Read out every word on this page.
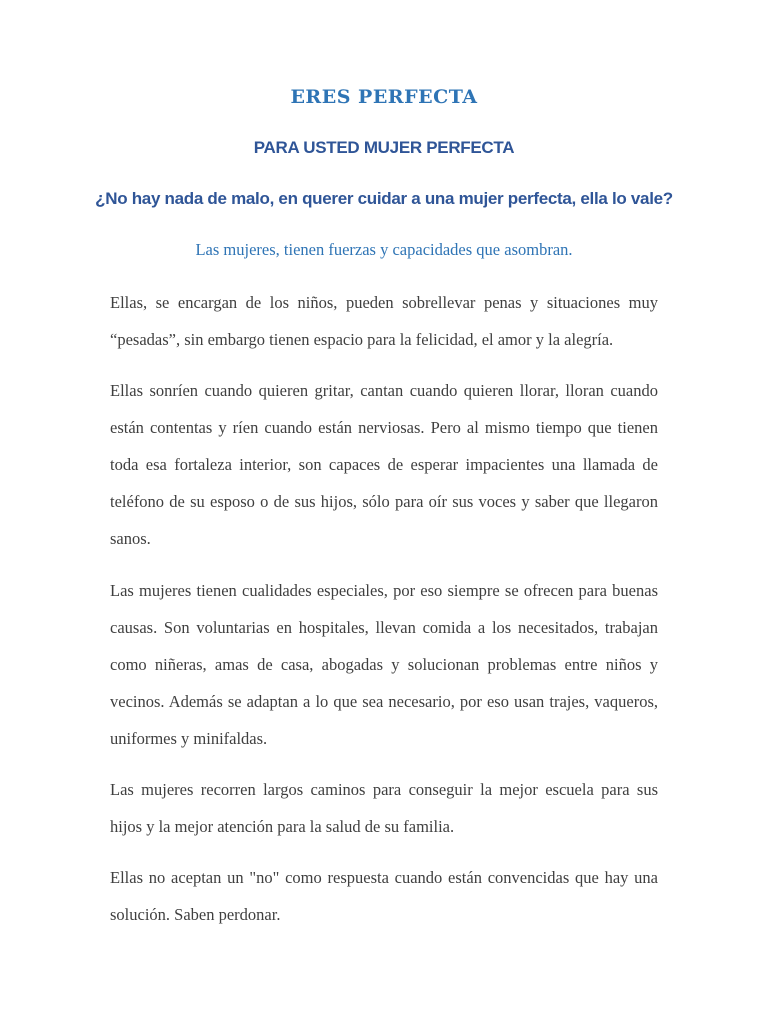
ERES PERFECTA
PARA USTED MUJER PERFECTA
¿No hay nada de malo, en querer cuidar a una mujer perfecta, ella lo vale?

Las mujeres, tienen fuerzas y capacidades que asombran.

Ellas, se encargan de los niños, pueden sobrellevar penas y situaciones muy “pesadas”, sin embargo tienen espacio para la felicidad, el amor y la alegría.

Ellas sonríen cuando quieren gritar, cantan cuando quieren llorar, lloran cuando están contentas y ríen cuando están nerviosas. Pero al mismo tiempo que tienen toda esa fortaleza interior, son capaces de esperar impacientes una llamada de teléfono de su esposo o de sus hijos, sólo para oír sus voces y saber que llegaron sanos.

Las mujeres tienen cualidades especiales, por eso siempre se ofrecen para buenas causas. Son voluntarias en hospitales, llevan comida a los necesitados, trabajan como niñeras, amas de casa, abogadas y solucionan problemas entre niños y vecinos. Además se adaptan a lo que sea necesario, por eso usan trajes, vaqueros, uniformes y minifaldas.

Las mujeres recorren largos caminos para conseguir la mejor escuela para sus hijos y la mejor atención para la salud de su familia.

Ellas no aceptan un "no" como respuesta cuando están convencidas que hay una solución. Saben perdonar.
